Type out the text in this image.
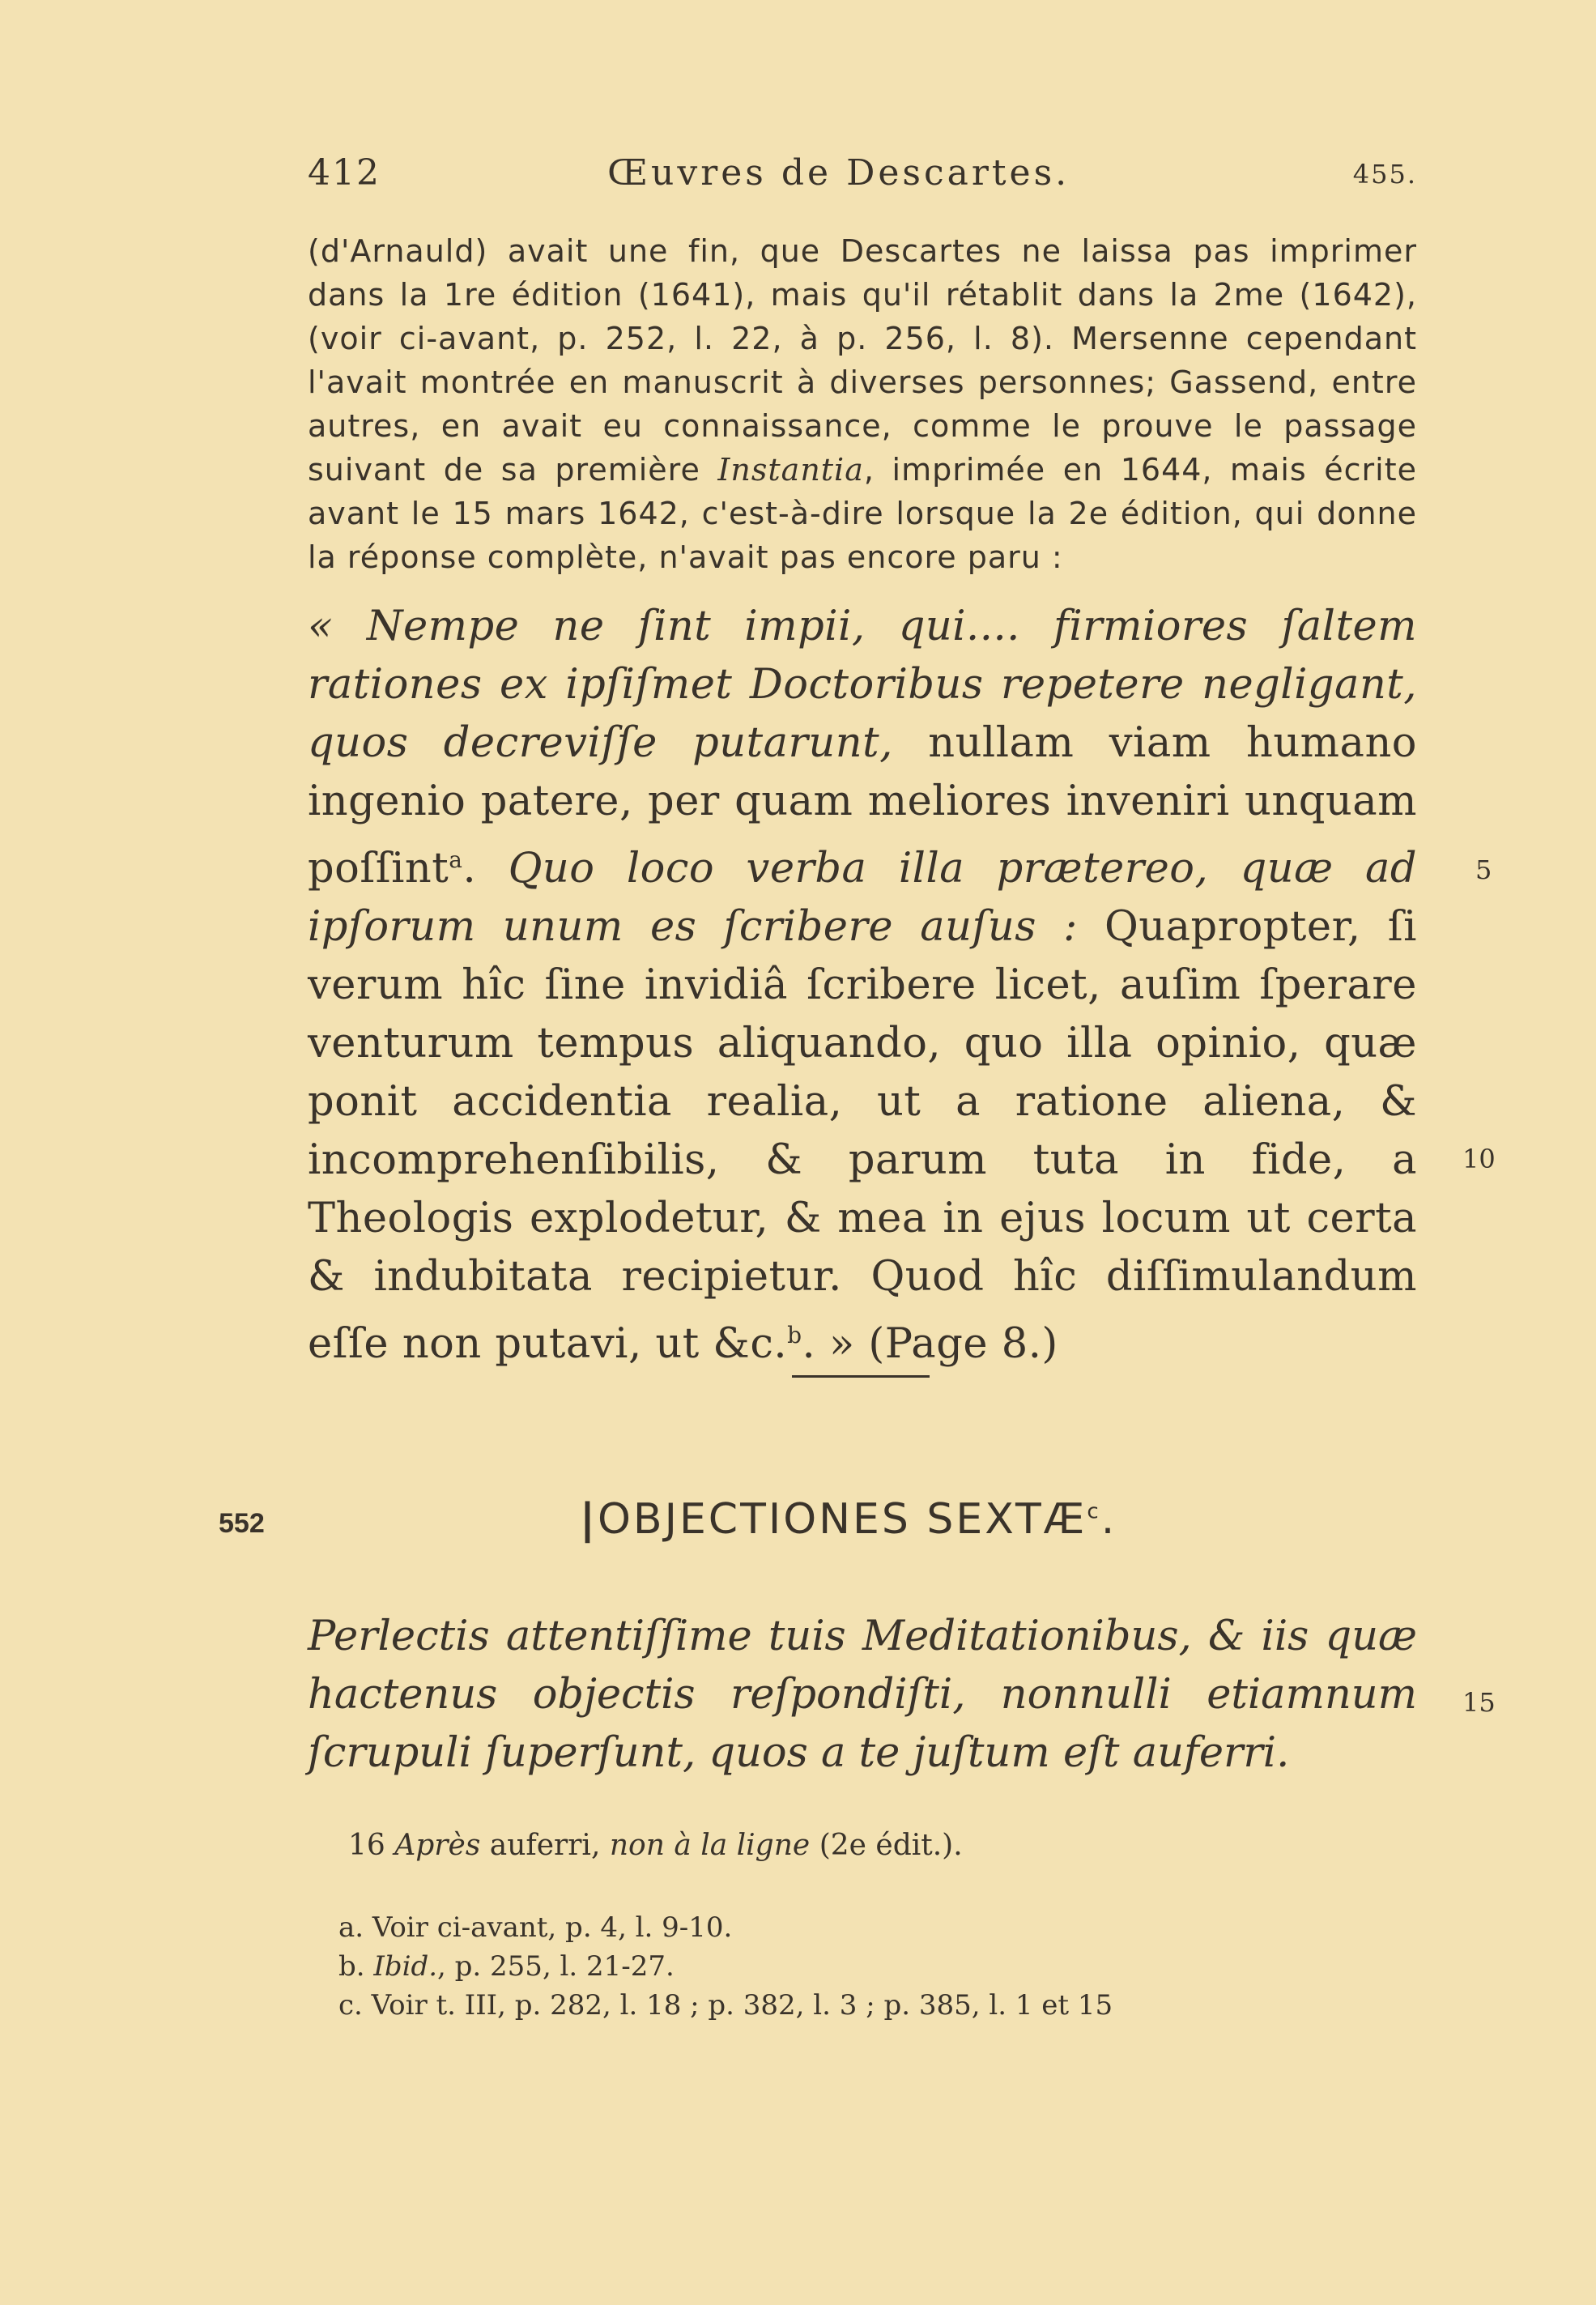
412	Œuvres de Descartes.	455.

(d'Arnauld) avait une fin, que Descartes ne laissa pas imprimer dans la 1re édition (1641), mais qu'il rétablit dans la 2me (1642), (voir ci-avant, p. 252, l. 22, à p. 256, l. 8). Mersenne cependant l'avait montrée en manuscrit à diverses personnes; Gassend, entre autres, en avait eu connaissance, comme le prouve le passage suivant de sa première Instantia, imprimée en 1644, mais écrite avant le 15 mars 1642, c'est-à-dire lorsque la 2e édition, qui donne la réponse complète, n'avait pas encore paru :

« Nempe ne ſint impii, qui.... firmiores ſaltem rationes ex ipſiſmet Doctoribus repetere negligant, quos decreviſſe putarunt, nullam viam humano ingenio patere, per quam meliores inveniri unquam poſſint$^a$. Quo loco verba illa prætereo, quæ ad ipſorum unum es ſcribere auſus : Quapropter, ſi verum hîc ſine invidiâ ſcribere licet, auſim ſperare venturum tempus aliquando, quo illa opinio, quæ ponit accidentia realia, ut a ratione aliena, & incomprehenſibilis, & parum tuta in fide, a Theologis explodetur, & mea in ejus locum ut certa & indubitata recipietur. Quod hîc diſſimulandum eſſe non putavi, ut &c.$^b$. » (Page 8.)

5
10
15
552	|OBJECTIONES SEXTÆ$^c$.

Perlectis attentiſſime tuis Meditationibus, & iis quæ hactenus objectis reſpondiſti, nonnulli etiamnum ſcrupuli ſuperſunt, quos a te juſtum eſt auferri.

16 Après auferri, non à la ligne (2e édit.).
a. Voir ci-avant, p. 4, l. 9-10.
b. Ibid., p. 255, l. 21-27.
c. Voir t. III, p. 282, l. 18 ; p. 382, l. 3 ; p. 385, l. 1 et 15
